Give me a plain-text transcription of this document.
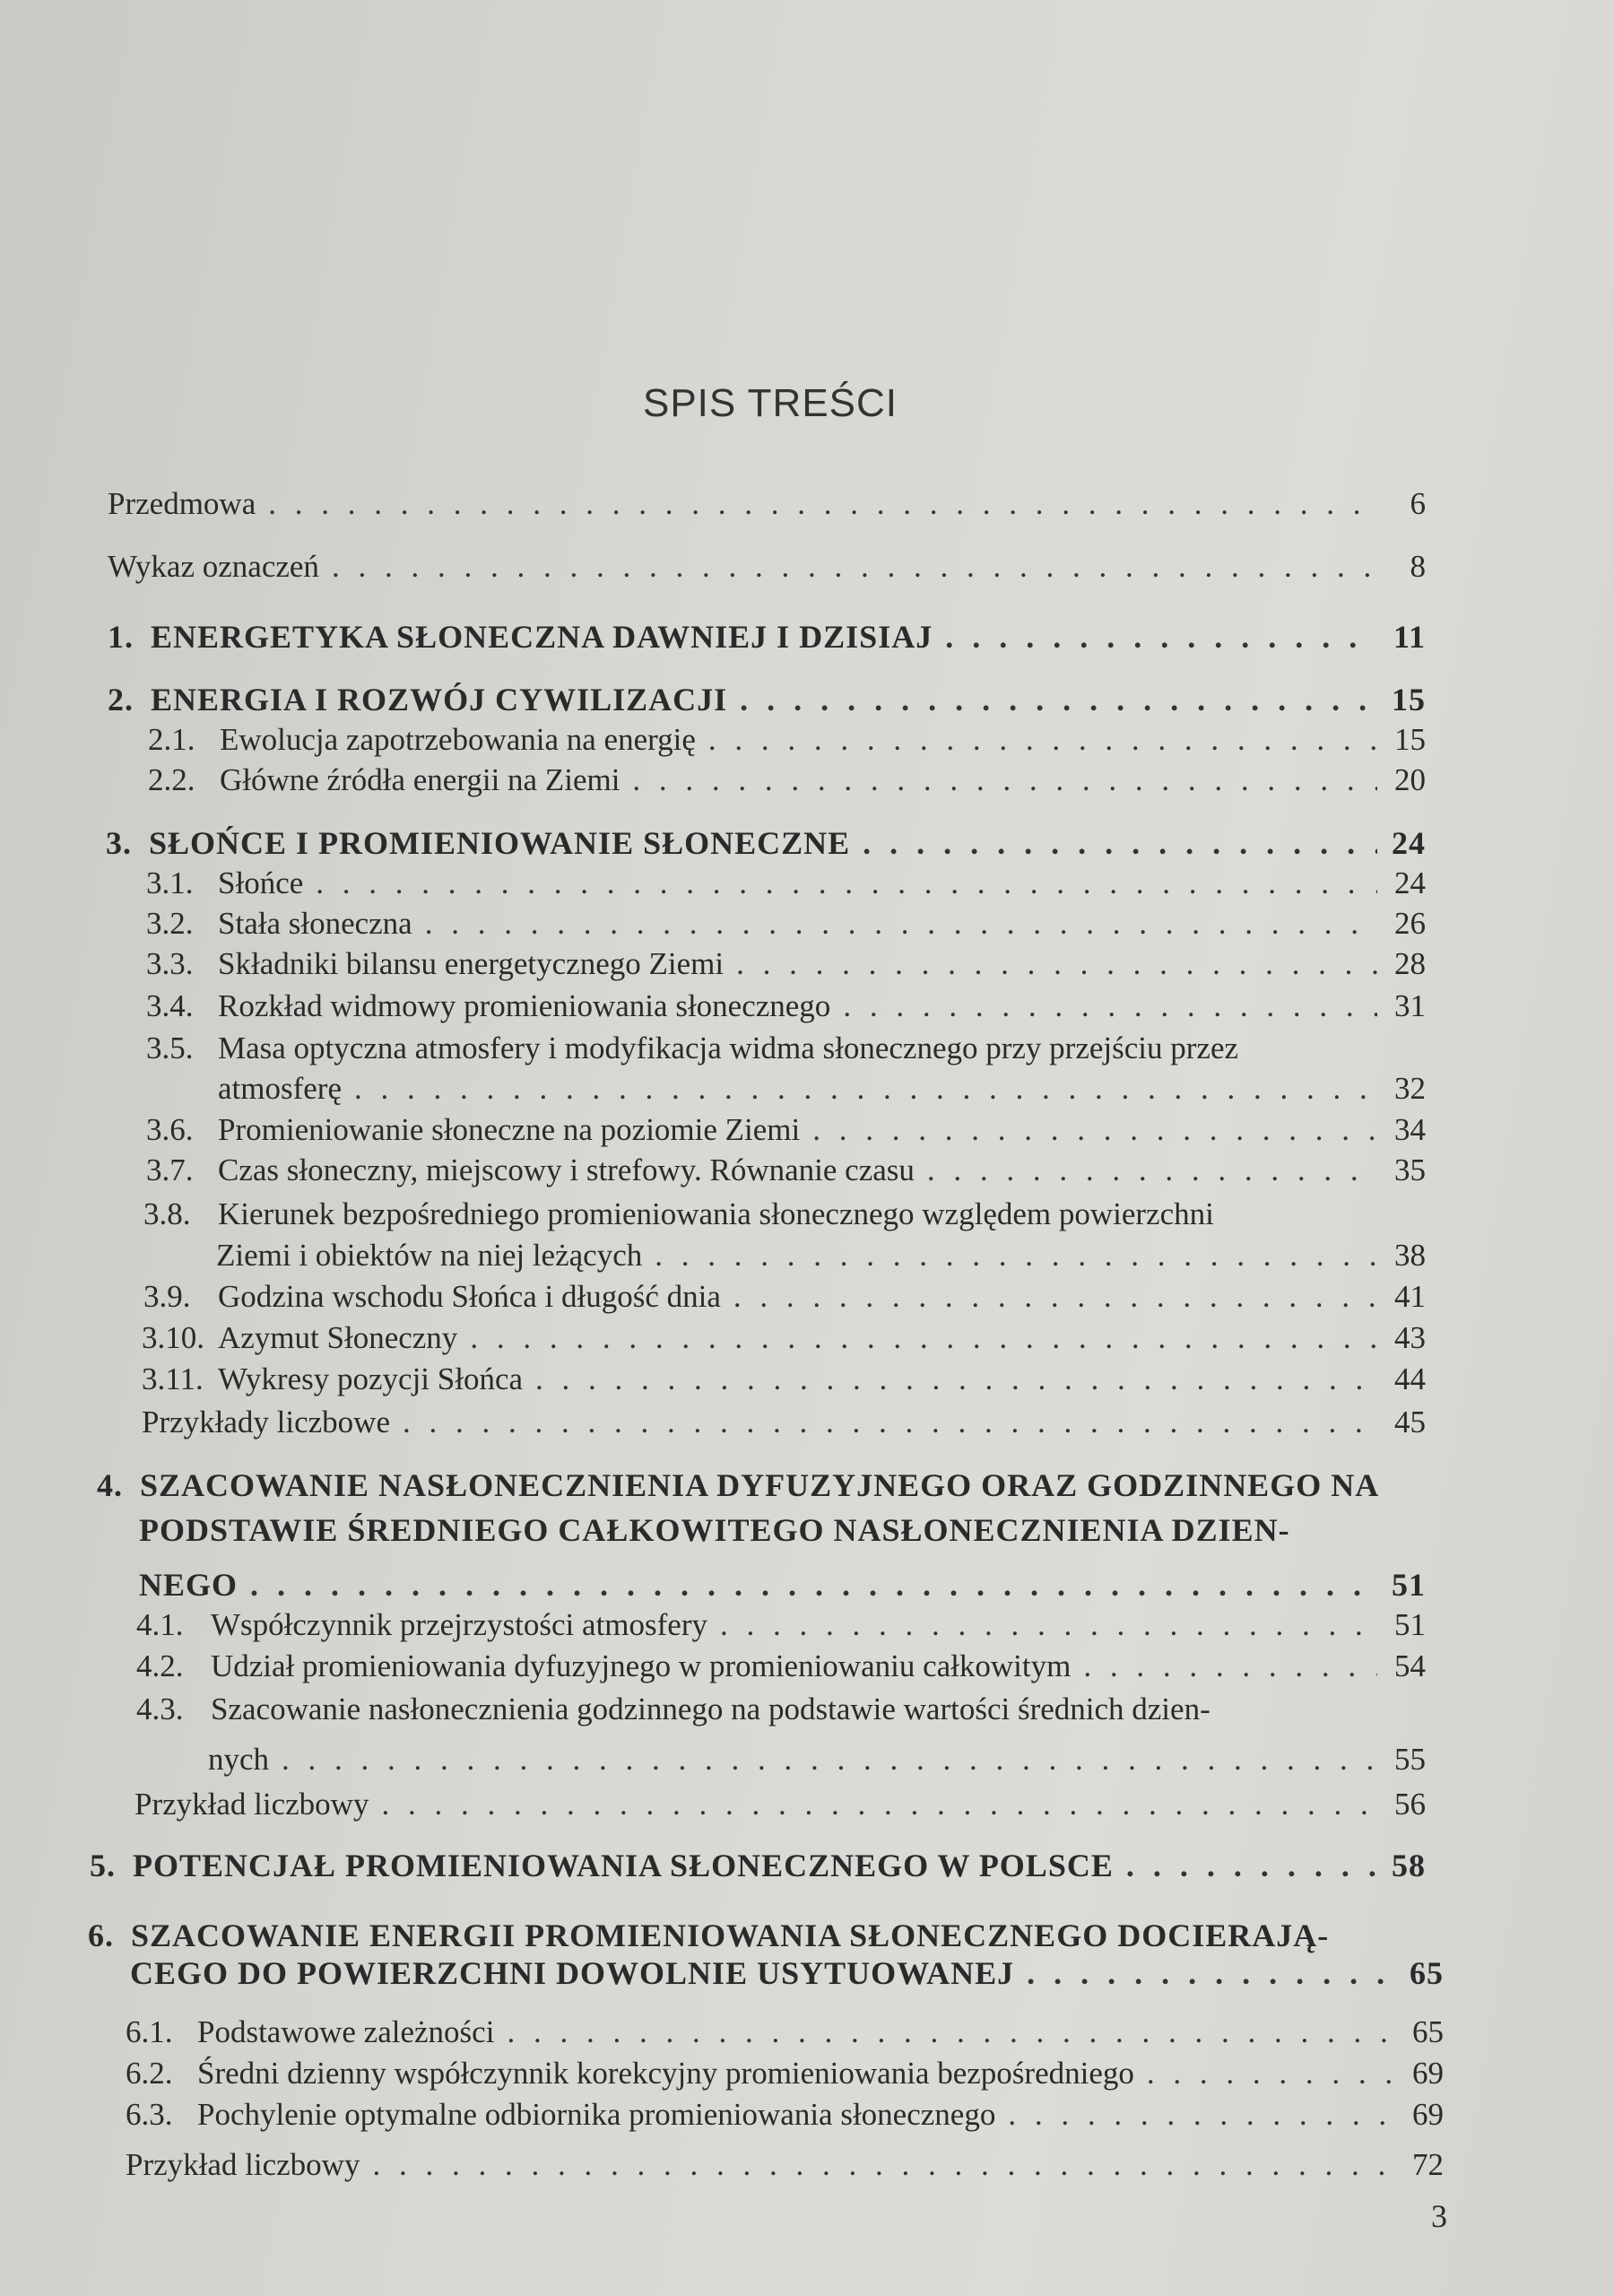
SPIS TREŚCI
Przedmowa . . .	6
Wykaz oznaczeń . . .	8
1. ENERGETYKA SŁONECZNA DAWNIEJ I DZISIAJ . . .	11
2. ENERGIA I ROZWÓJ CYWILIZACJI . . .	15
2.1. Ewolucja zapotrzebowania na energię . . .	15
2.2. Główne źródła energii na Ziemi . . .	20
3. SŁOŃCE I PROMIENIOWANIE SŁONECZNE . . .	24
3.1. Słońce . . .	24
3.2. Stała słoneczna . . .	26
3.3. Składniki bilansu energetycznego Ziemi . . .	28
3.4. Rozkład widmowy promieniowania słonecznego . . .	31
3.5. Masa optyczna atmosfery i modyfikacja widma słonecznego przy przejściu przez
atmosferę . . .	32
3.6. Promieniowanie słoneczne na poziomie Ziemi . . .	34
3.7. Czas słoneczny, miejscowy i strefowy. Równanie czasu . . .	35
3.8. Kierunek bezpośredniego promieniowania słonecznego względem powierzchni
Ziemi i obiektów na niej leżących . . .	38
3.9. Godzina wschodu Słońca i długość dnia . . .	41
3.10. Azymut Słoneczny . . .	43
3.11. Wykresy pozycji Słońca . . .	44
Przykłady liczbowe . . .	45
4. SZACOWANIE NASŁONECZNIENIA DYFUZYJNEGO ORAZ GODZINNEGO NA
PODSTAWIE ŚREDNIEGO CAŁKOWITEGO NASŁONECZNIENIA DZIEN-
NEGO . . .	51
4.1. Współczynnik przejrzystości atmosfery . . .	51
4.2. Udział promieniowania dyfuzyjnego w promieniowaniu całkowitym . . .	54
4.3. Szacowanie nasłonecznienia godzinnego na podstawie wartości średnich dzien-
nych . . .	55
Przykład liczbowy . . .	56
5. POTENCJAŁ PROMIENIOWANIA SŁONECZNEGO W POLSCE . . .	58
6. SZACOWANIE ENERGII PROMIENIOWANIA SŁONECZNEGO DOCIERAJĄ-
CEGO DO POWIERZCHNI DOWOLNIE USYTUOWANEJ . . .	65
6.1. Podstawowe zależności . . .	65
6.2. Średni dzienny współczynnik korekcyjny promieniowania bezpośredniego . . .	69
6.3. Pochylenie optymalne odbiornika promieniowania słonecznego . . .	69
Przykład liczbowy . . .	72
3
